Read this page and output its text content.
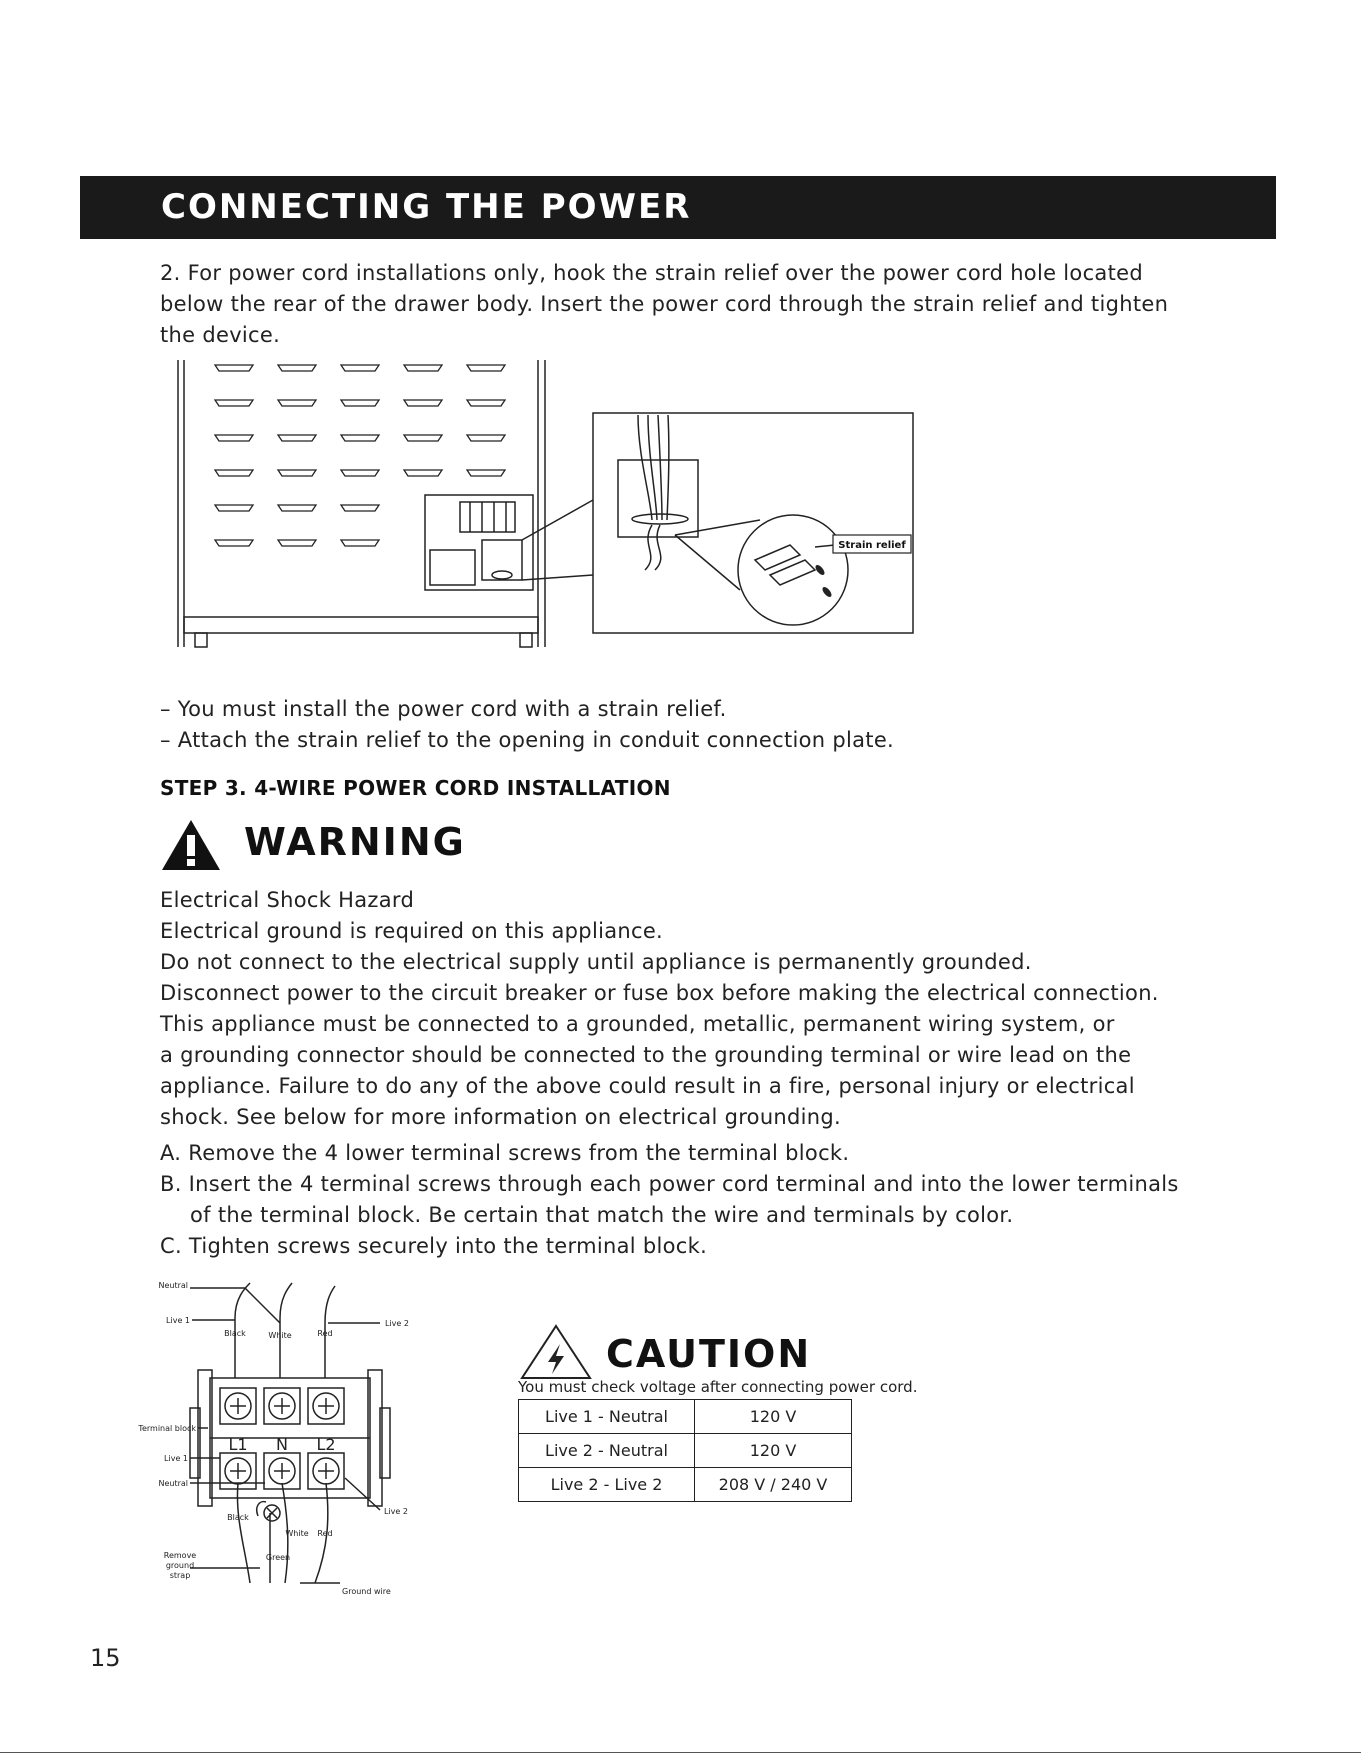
CONNECTING THE POWER
2. For power cord installations only, hook the strain relief over the power cord hole located
below the rear of the drawer body. Insert the power cord through the strain relief and tighten
the device.
Strain relief
– You must install the power cord with a strain relief.
– Attach the strain relief to the opening in conduit connection plate.
STEP 3. 4-WIRE POWER CORD INSTALLATION
WARNING
Electrical Shock Hazard
Electrical ground is required on this appliance.
Do not connect to the electrical supply until appliance is permanently grounded.
Disconnect power to the circuit breaker or fuse box before making the electrical connection.
This appliance must be connected to a grounded, metallic, permanent wiring system, or
a grounding connector should be connected to the grounding terminal or wire lead on the
appliance. Failure to do any of the above could result in a fire, personal injury or electrical
shock. See below for more information on electrical grounding.
A. Remove the 4 lower terminal screws from the terminal block.
B. Insert the 4 terminal screws through each power cord terminal and into the lower terminals
of the terminal block. Be certain that match the wire and terminals by color.
C. Tighten screws securely into the terminal block.
Neutral
Live 1
Black	White	Red
Live 2
Terminal block
L1 N L2
Live 1
Neutral
Live 2
Black
White Red
Remove
ground
strap
Green
Ground wire
CAUTION
You must check voltage after connecting power cord.
Live 1 - Neutral	120 V
Live 2 - Neutral	120 V
Live 2 - Live 2	208 V / 240 V
15
